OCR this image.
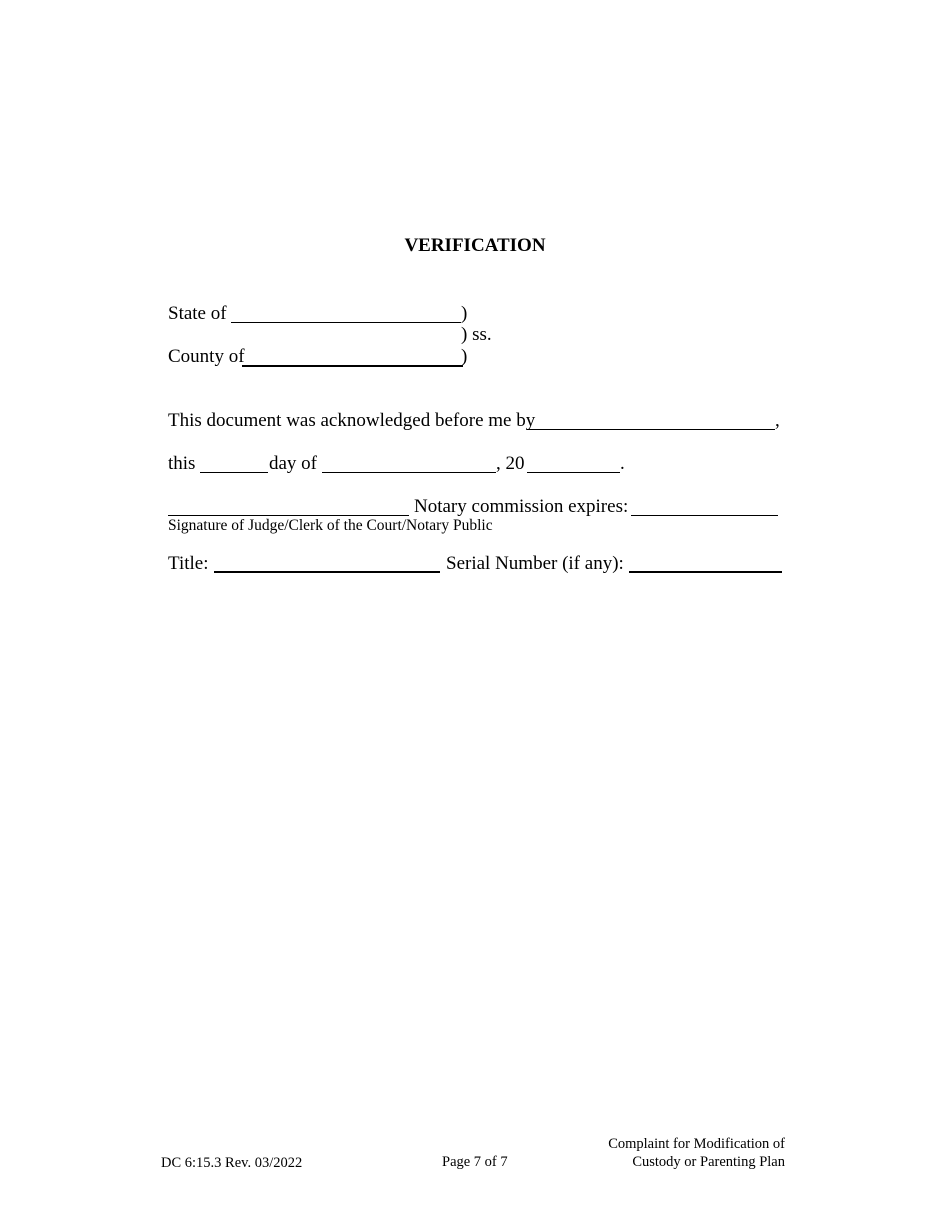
VERIFICATION
State of	)
) ss.
County of	)
This document was acknowledged before me by	,
this	day of	, 20	.
Notary commission expires:
Signature of Judge/Clerk of the Court/Notary Public
Title:	Serial Number (if any):
DC 6:15.3 Rev. 03/2022	Page 7 of 7
Complaint for Modification of
Custody or Parenting Plan
